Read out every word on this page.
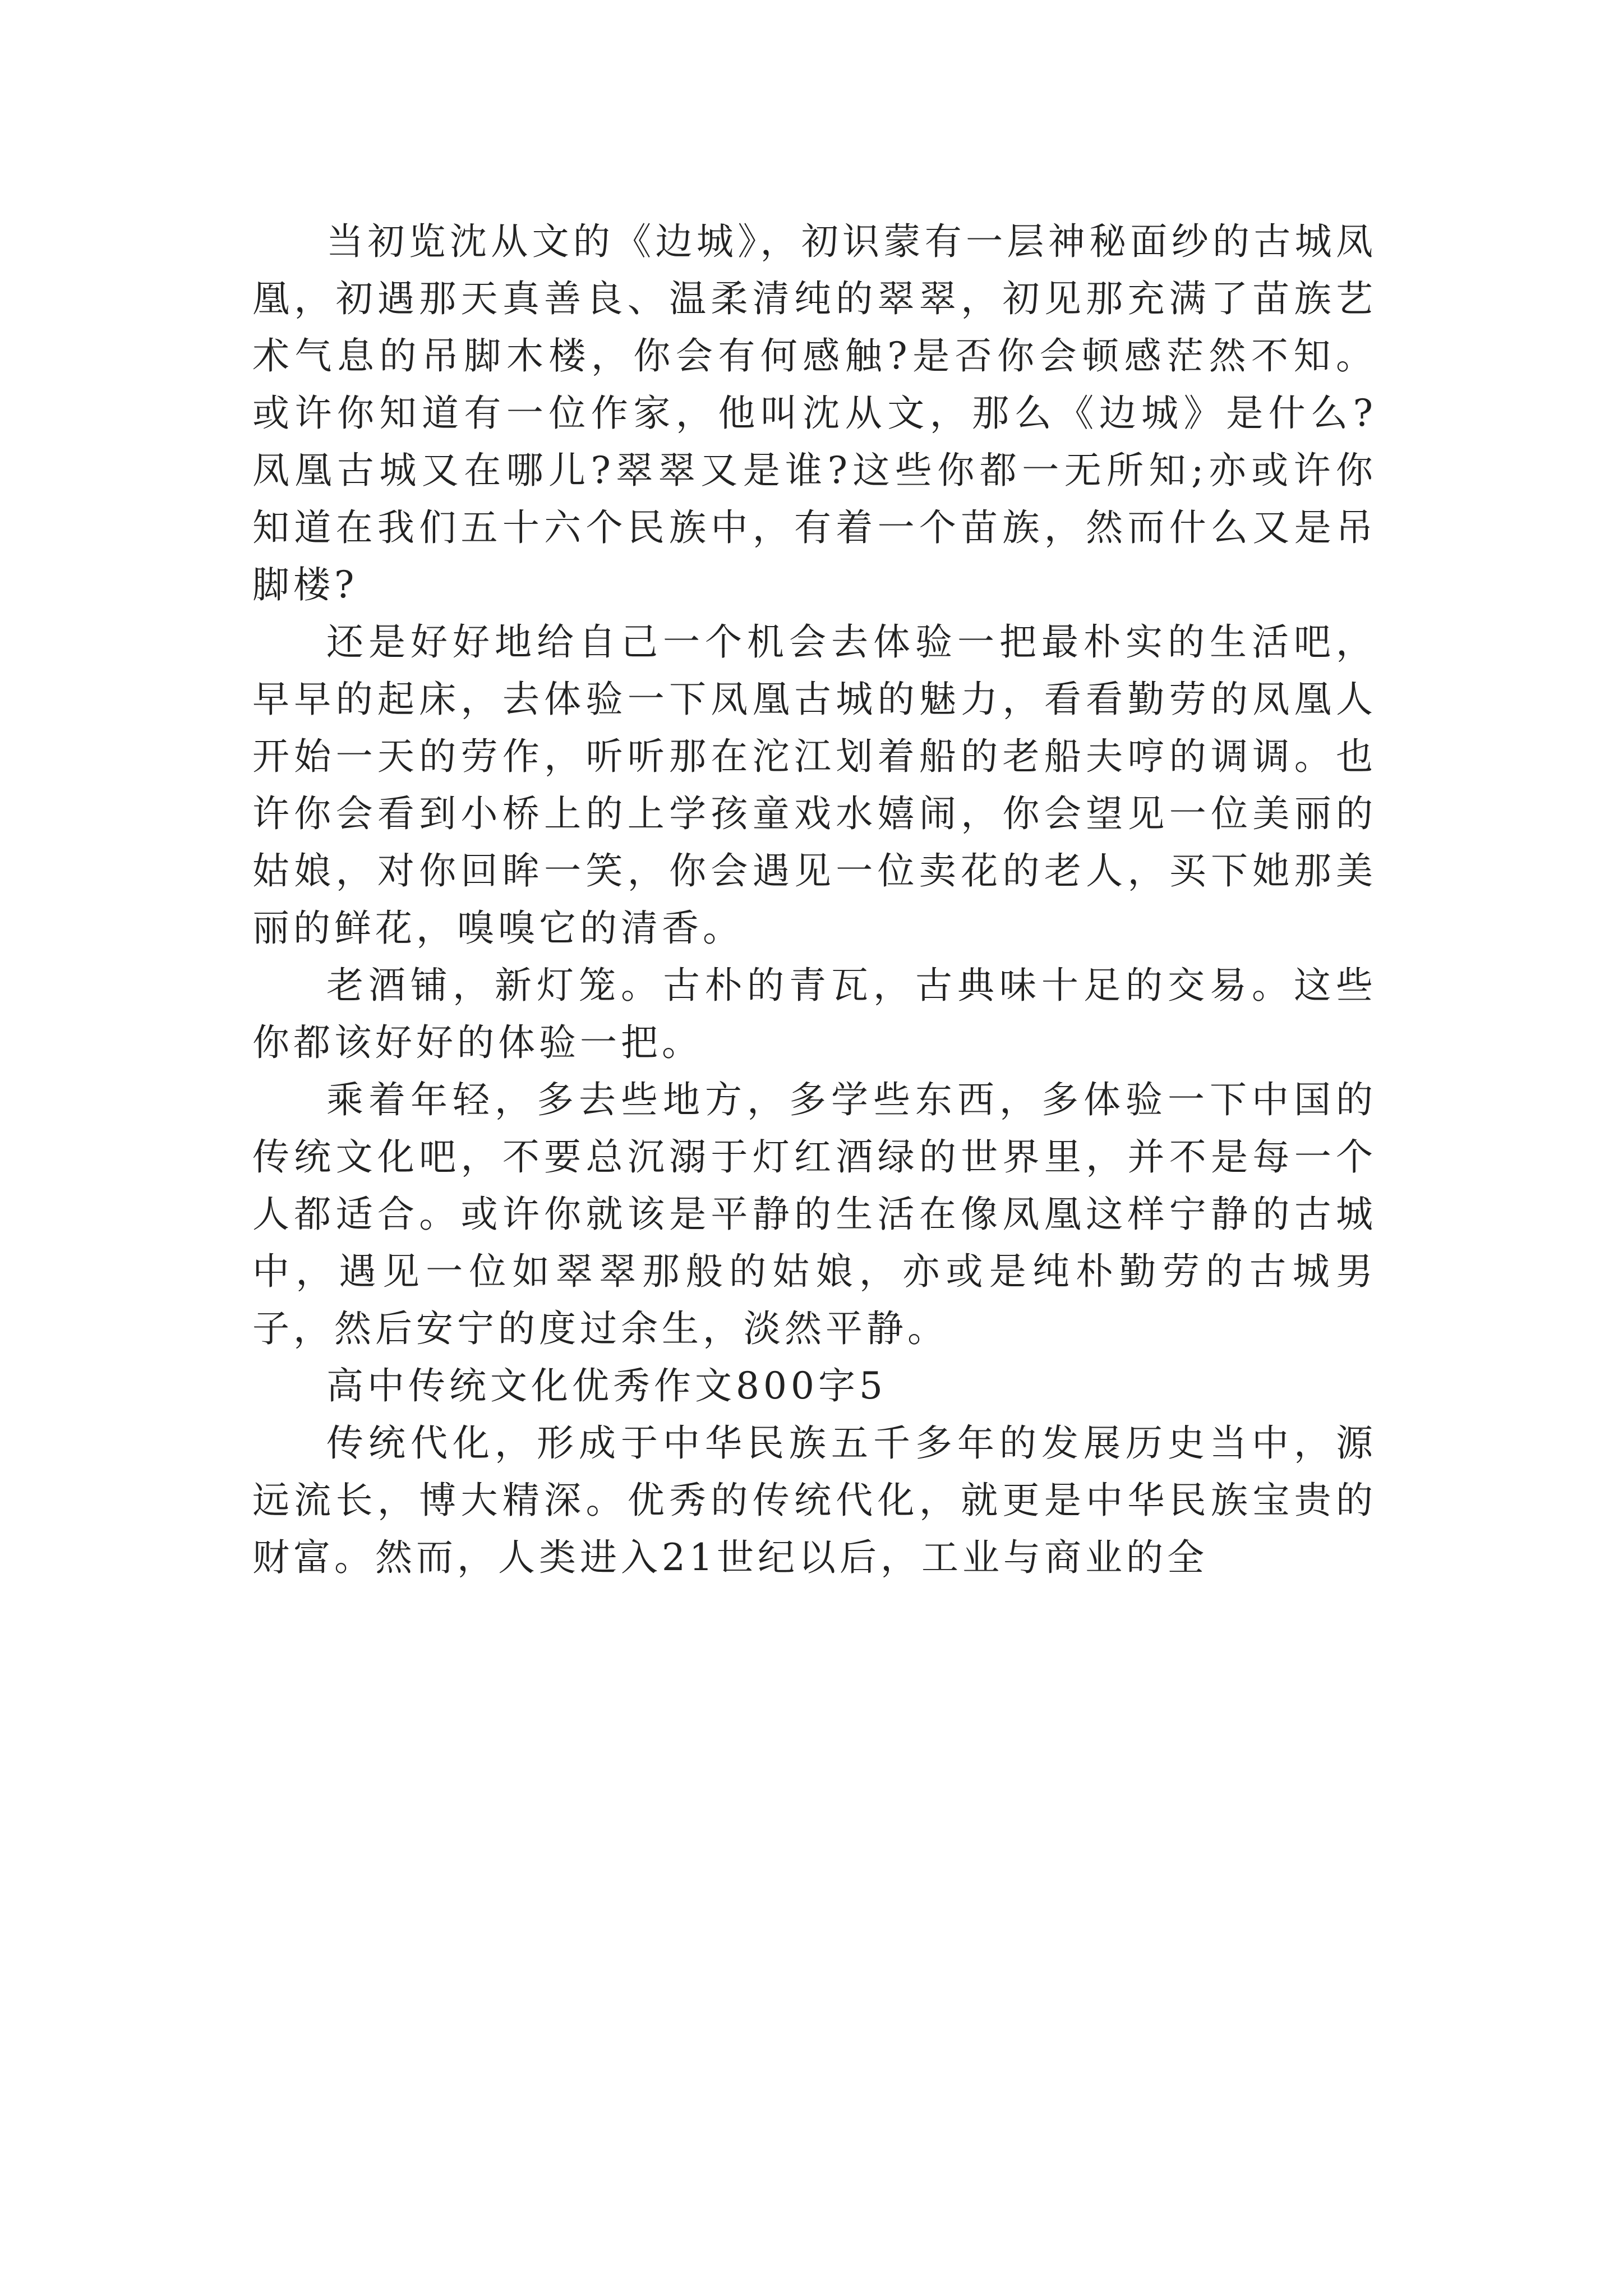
当初览沈从文的《边城》，初识蒙有一层神秘面纱的古城凤凰，初遇那天真善良、温柔清纯的翠翠，初见那充满了苗族艺术气息的吊脚木楼，你会有何感触?是否你会顿感茫然不知。或许你知道有一位作家，他叫沈从文，那么《边城》是什么?凤凰古城又在哪儿?翠翠又是谁?这些你都一无所知;亦或许你知道在我们五十六个民族中，有着一个苗族，然而什么又是吊脚楼?

还是好好地给自己一个机会去体验一把最朴实的生活吧，早早的起床，去体验一下凤凰古城的魅力，看看勤劳的凤凰人开始一天的劳作，听听那在沱江划着船的老船夫哼的调调。也许你会看到小桥上的上学孩童戏水嬉闹，你会望见一位美丽的姑娘，对你回眸一笑，你会遇见一位卖花的老人，买下她那美丽的鲜花，嗅嗅它的清香。

老酒铺，新灯笼。古朴的青瓦，古典味十足的交易。这些你都该好好的体验一把。

乘着年轻，多去些地方，多学些东西，多体验一下中国的传统文化吧，不要总沉溺于灯红酒绿的世界里，并不是每一个人都适合。或许你就该是平静的生活在像凤凰这样宁静的古城中，遇见一位如翠翠那般的姑娘，亦或是纯朴勤劳的古城男子，然后安宁的度过余生，淡然平静。

高中传统文化优秀作文800字5

传统代化，形成于中华民族五千多年的发展历史当中，源远流长，博大精深。优秀的传统代化，就更是中华民族宝贵的财富。然而，人类进入21世纪以后，工业与商业的全
